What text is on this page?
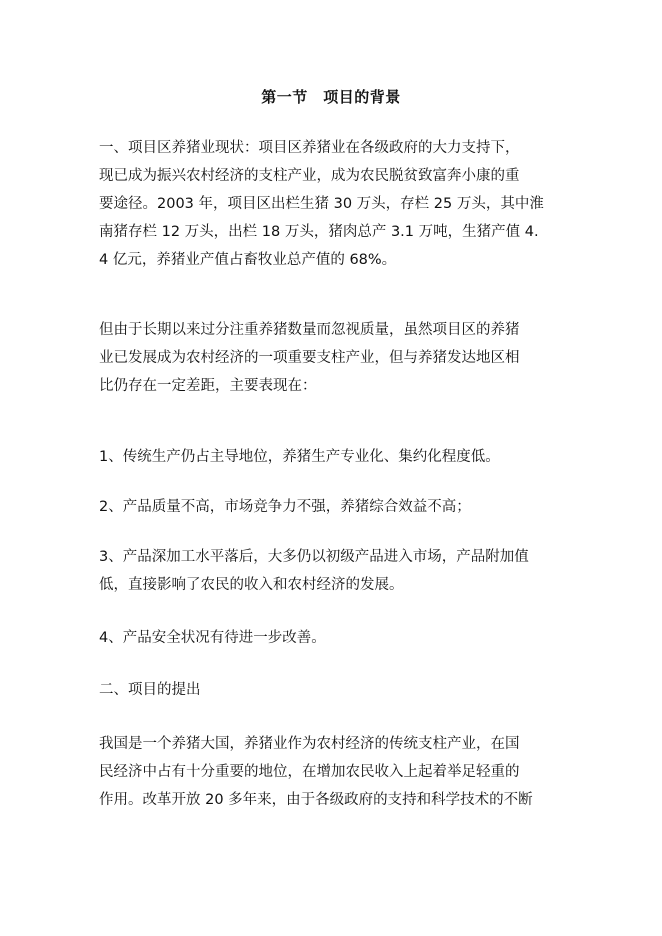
第一节　项目的背景

一、项目区养猪业现状：项目区养猪业在各级政府的大力支持下，
现已成为振兴农村经济的支柱产业，成为农民脱贫致富奔小康的重
要途径。2003 年，项目区出栏生猪 30 万头，存栏 25 万头，其中淮
南猪存栏 12 万头，出栏 18 万头，猪肉总产 3.1 万吨，生猪产值 4.
4 亿元，养猪业产值占畜牧业总产值的 68%。

但由于长期以来过分注重养猪数量而忽视质量，虽然项目区的养猪
业已发展成为农村经济的一项重要支柱产业，但与养猪发达地区相
比仍存在一定差距，主要表现在：

1、传统生产仍占主导地位，养猪生产专业化、集约化程度低。

2、产品质量不高，市场竞争力不强，养猪综合效益不高；

3、产品深加工水平落后，大多仍以初级产品进入市场，产品附加值
低，直接影响了农民的收入和农村经济的发展。

4、产品安全状况有待进一步改善。

二、项目的提出

我国是一个养猪大国，养猪业作为农村经济的传统支柱产业，在国
民经济中占有十分重要的地位，在增加农民收入上起着举足轻重的
作用。改革开放 20 多年来，由于各级政府的支持和科学技术的不断
